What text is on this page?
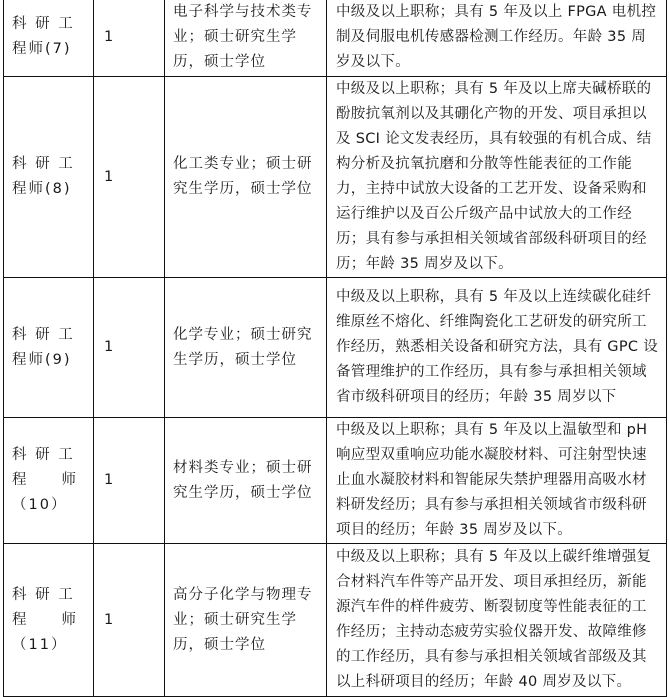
科 研 工
程师(7)	1	电子科学与技术类专业；硕士研究生学历，硕士学位	中级及以上职称；具有 5 年及以上 FPGA 电机控制及伺服电机传感器检测工作经历。年龄 35 周岁及以下。

科 研 工
程师(8)	1	化工类专业；硕士研究生学历，硕士学位	中级及以上职称；具有 5 年及以上席夫碱桥联的酚胺抗氧剂以及其硼化产物的开发、项目承担以及 SCI 论文发表经历，具有较强的有机合成、结构分析及抗氧抗磨和分散等性能表征的工作能力，主持中试放大设备的工艺开发、设备采购和运行维护以及百公斤级产品中试放大的工作经历；具有参与承担相关领域省部级科研项目的经历；年龄 35 周岁及以下。

科 研 工
程师(9)	1	化学专业；硕士研究生学历，硕士学位	中级及以上职称，具有 5 年及以上连续碳化硅纤维原丝不熔化、纤维陶瓷化工艺研发的研究所工作经历，熟悉相关设备和研究方法，具有 GPC 设备管理维护的工作经历，具有参与承担相关领域省市级科研项目的经历；年龄 35 周岁以下

科 研 工
程　　师
（10）	1	材料类专业；硕士研究生学历，硕士学位	中级及以上职称；具有 5 年及以上温敏型和 pH 响应型双重响应功能水凝胶材料、可注射型快速止血水凝胶材料和智能尿失禁护理器用高吸水材料研发经历；具有参与承担相关领域省市级科研项目的经历；年龄 35 周岁及以下。

科 研 工
程　　师
（11）	1	高分子化学与物理专业；硕士研究生学历，硕士学位	中级及以上职称；具有 5 年及以上碳纤维增强复合材料汽车件等产品开发、项目承担经历，新能源汽车件的样件疲劳、断裂韧度等性能表征的工作经历；主持动态疲劳实验仪器开发、故障维修的工作经历，具有参与承担相关领域省部级及其以上科研项目的经历；年龄 40 周岁及以下。
